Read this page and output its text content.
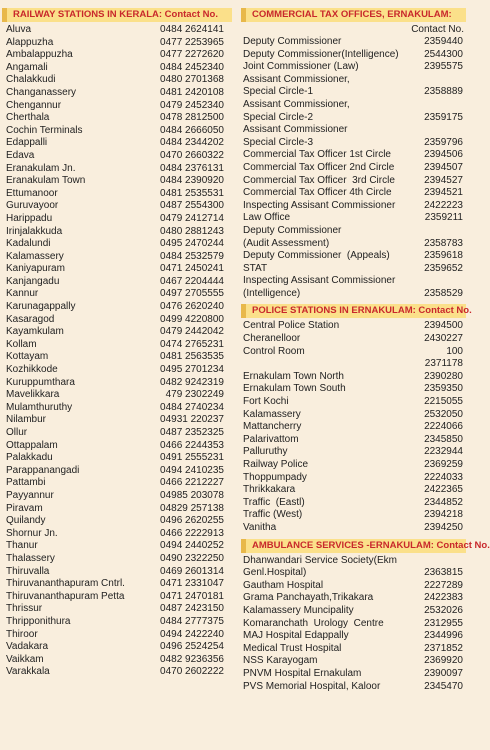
RAILWAY STATIONS IN KERALA: Contact No.
Aluva	0484 2624141
Alappuzha	0477 2253965
Ambalappuzha	0477 2272620
Angamali	0484 2452340
Chalakkudi	0480 2701368
Changanassery	0481 2420108
Chengannur	0479 2452340
Cherthala	0478 2812500
Cochin Terminals	0484 2666050
Edappalli	0484 2344202
Edava	0470 2660322
Eranakulam Jn.	0484 2376131
Eranakulam Town	0484 2390920
Ettumanoor	0481 2535531
Guruvayoor	0487 2554300
Harippadu	0479 2412714
Irinjalakkuda	0480 2881243
Kadalundi	0495 2470244
Kalamassery	0484 2532579
Kaniyapuram	0471 2450241
Kanjangadu	0467 2204444
Kannur	0497 2705555
Karunagappally	0476 2620240
Kasaragod	0499 4220800
Kayamkulam	0479 2442042
Kollam	0474 2765231
Kottayam	0481 2563535
Kozhikkode	0495 2701234
Kuruppumthara	0482 9242319
Mavelikkara	479 2302249
Mulamthuruthy	0484 2740234
Nilambur	04931 220237
Ollur	0487 2352325
Ottappalam	0466 2244353
Palakkadu	0491 2555231
Parappanangadi	0494 2410235
Pattambi	0466 2212227
Payyannur	04985 203078
Piravam	04829 257138
Quilandy	0496 2620255
Shornur Jn.	0466 2222913
Thanur	0494 2440252
Thalassery	0490 2322250
Thiruvalla	0469 2601314
Thiruvananthapuram Cntrl.	0471 2331047
Thiruvananthapuram Petta	0471 2470181
Thrissur	0487 2423150
Thripponithura	0484 2777375
Thiroor	0494 2422240
Vadakara	0496 2524254
Vaikkam	0482 9236356
Varakkala	0470 2602222
COMMERCIAL TAX OFFICES, ERNAKULAM:
Contact No.
Deputy Commissioner	2359440
Deputy Commissioner(Intelligence)	2544300
Joint Commissioner (Law)	2395575
Assisant Commissioner,
Special Circle-1	2358889
Assisant Commissioner,
Special Circle-2	2359175
Assisant Commissioner
Special Circle-3	2359796
Commercial Tax Officer 1st Circle	2394506
Commercial Tax Officer 2nd Circle	2394507
Commercial Tax Officer  3rd Circle	2394527
Commercial Tax Officer 4th Circle	2394521
Inspecting Assisant Commissioner	2422223
Law Office	2359211
Deputy Commissioner
(Audit Assessment)	2358783
Deputy Commissioner  (Appeals)	2359618
STAT	2359652
Inspecting Assisant Commissioner
(Intelligence)	2358529
POLICE STATIONS IN ERNAKULAM: Contact No.
Central Police Station	2394500
Cheranelloor	2430227
Control Room	100
2371178
Ernakulam Town North	2390280
Ernakulam Town South	2359350
Fort Kochi	2215055
Kalamassery	2532050
Mattancherry	2224066
Palarivattom	2345850
Palluruthy	2232944
Railway Police	2369259
Thoppumpady	2224033
Thrikkakara	2422365
Traffic  (Eastl)	2344852
Traffic (West)	2394218
Vanitha	2394250
AMBULANCE SERVICES -ERNAKULAM: Contact No.
Dhanwandari Service Society(Ekm
Genl.Hospital)	2363815
Gautham Hospital	2227289
Grama Panchayath,Trikakara	2422383
Kalamassery Muncipality	2532026
Komaranchath  Urology  Centre	2312955
MAJ Hospital Edappally	2344996
Medical Trust Hospital	2371852
NSS Karayogam	2369920
PNVM Hospital Ernakulam	2390097
PVS Memorial Hospital, Kaloor	2345470
